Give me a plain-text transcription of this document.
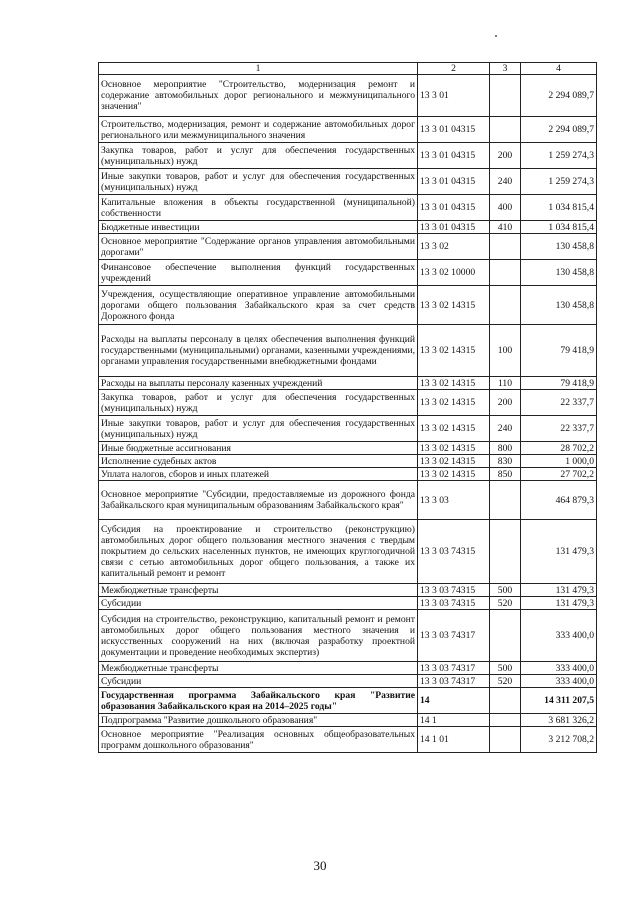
1	2	3	4
Основное мероприятие "Строительство, модернизация ремонт и содержание автомобильных дорог регионального и межмуниципального значения"	13 3 01		2 294 089,7
Строительство, модернизация, ремонт и содержание автомобильных дорог регионального или межмуниципального значения	13 3 01 04315		2 294 089,7
Закупка товаров, работ и услуг для обеспечения государственных (муниципальных) нужд	13 3 01 04315	200	1 259 274,3
Иные закупки товаров, работ и услуг для обеспечения государственных (муниципальных) нужд	13 3 01 04315	240	1 259 274,3
Капитальные вложения в объекты государственной (муниципальной) собственности	13 3 01 04315	400	1 034 815,4
Бюджетные инвестиции	13 3 01 04315	410	1 034 815,4
Основное мероприятие "Содержание органов управления автомобильными дорогами"	13 3 02		130 458,8
Финансовое обеспечение выполнения функций государственных учреждений	13 3 02 10000		130 458,8
Учреждения, осуществляющие оперативное управление автомобильными дорогами общего пользования Забайкальского края за счет средств Дорожного фонда	13 3 02 14315		130 458,8
Расходы на выплаты персоналу в целях обеспечения выполнения функций государственными (муниципальными) органами, казенными учреждениями, органами управления государственными внебюджетными фондами	13 3 02 14315	100	79 418,9
Расходы на выплаты персоналу казенных учреждений	13 3 02 14315	110	79 418,9
Закупка товаров, работ и услуг для обеспечения государственных (муниципальных) нужд	13 3 02 14315	200	22 337,7
Иные закупки товаров, работ и услуг для обеспечения государственных (муниципальных) нужд	13 3 02 14315	240	22 337,7
Иные бюджетные ассигнования	13 3 02 14315	800	28 702,2
Исполнение судебных актов	13 3 02 14315	830	1 000,0
Уплата налогов, сборов и иных платежей	13 3 02 14315	850	27 702,2
Основное мероприятие "Субсидии, предоставляемые из дорожного фонда Забайкальского края муниципальным образованиям Забайкальского края"	13 3 03		464 879,3
Субсидия на проектирование и строительство (реконструкцию) автомобильных дорог общего пользования местного значения с твердым покрытием до сельских населенных пунктов, не имеющих круглогодичной связи с сетью автомобильных дорог общего пользования, а также их капитальный ремонт и ремонт	13 3 03 74315		131 479,3
Межбюджетные трансферты	13 3 03 74315	500	131 479,3
Субсидии	13 3 03 74315	520	131 479,3
Субсидия на строительство, реконструкцию, капитальный ремонт и ремонт автомобильных дорог общего пользования местного значения и искусственных сооружений на них (включая разработку проектной документации и проведение необходимых экспертиз)	13 3 03 74317		333 400,0
Межбюджетные трансферты	13 3 03 74317	500	333 400,0
Субсидии	13 3 03 74317	520	333 400,0
Государственная программа Забайкальского края "Развитие образования Забайкальского края на 2014–2025 годы"	14		14 311 207,5
Подпрограмма "Развитие дошкольного образования"	14 1		3 681 326,2
Основное мероприятие "Реализация основных общеобразовательных программ дошкольного образования"	14 1 01		3 212 708,2
30
